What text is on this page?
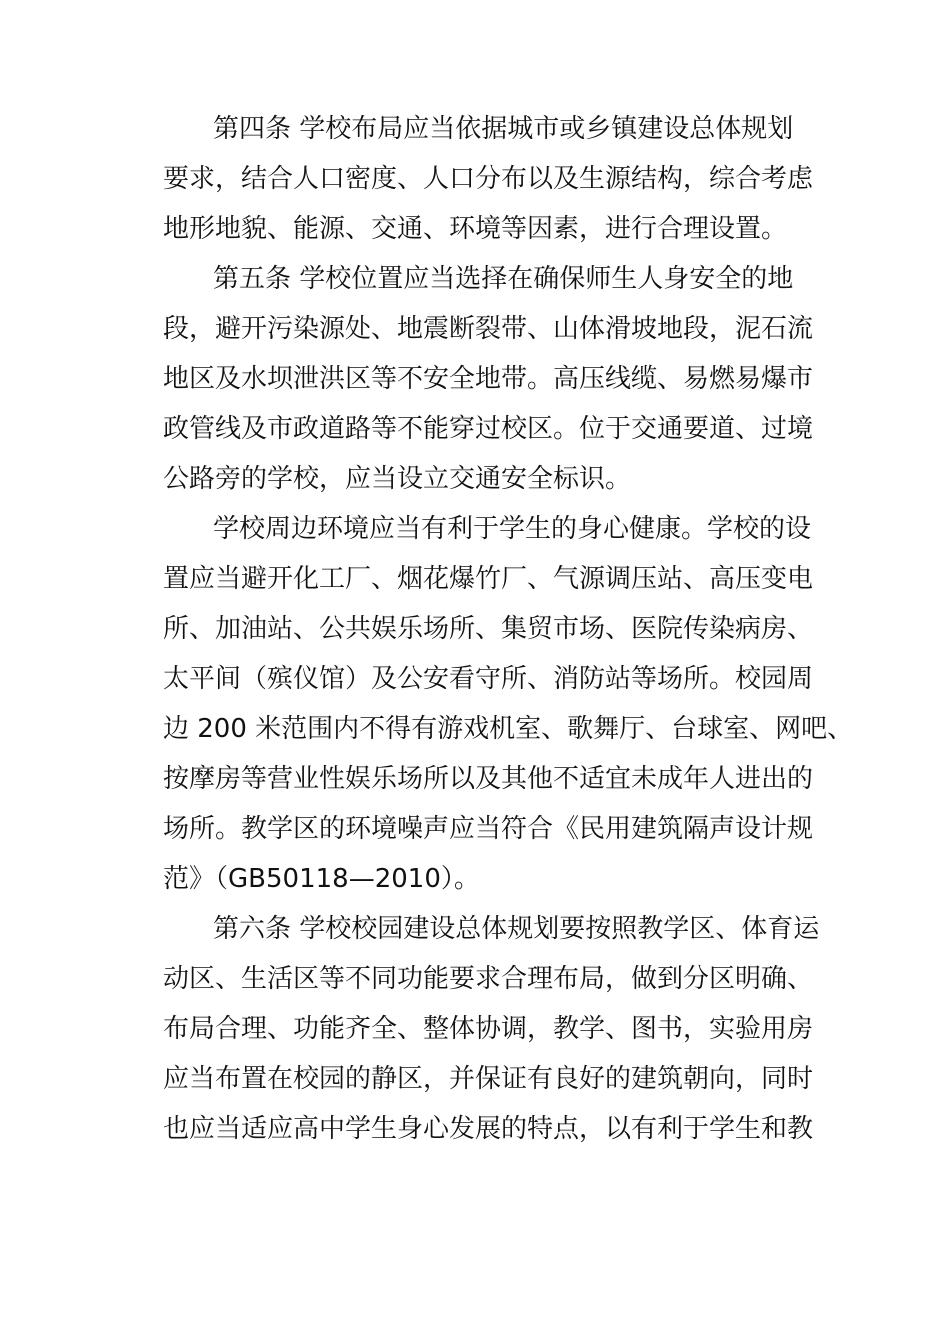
第四条 学校布局应当依据城市或乡镇建设总体规划
要求，结合人口密度、人口分布以及生源结构，综合考虑
地形地貌、能源、交通、环境等因素，进行合理设置。
第五条 学校位置应当选择在确保师生人身安全的地
段，避开污染源处、地震断裂带、山体滑坡地段，泥石流
地区及水坝泄洪区等不安全地带。高压线缆、易燃易爆市
政管线及市政道路等不能穿过校区。位于交通要道、过境
公路旁的学校，应当设立交通安全标识。
学校周边环境应当有利于学生的身心健康。学校的设
置应当避开化工厂、烟花爆竹厂、气源调压站、高压变电
所、加油站、公共娱乐场所、集贸市场、医院传染病房、
太平间（殡仪馆）及公安看守所、消防站等场所。校园周
边 200 米范围内不得有游戏机室、歌舞厅、台球室、网吧、
按摩房等营业性娱乐场所以及其他不适宜未成年人进出的
场所。教学区的环境噪声应当符合《民用建筑隔声设计规
范》（GB50118—2010）。
第六条 学校校园建设总体规划要按照教学区、体育运
动区、生活区等不同功能要求合理布局，做到分区明确、
布局合理、功能齐全、整体协调，教学、图书，实验用房
应当布置在校园的静区，并保证有良好的建筑朝向，同时
也应当适应高中学生身心发展的特点，以有利于学生和教
